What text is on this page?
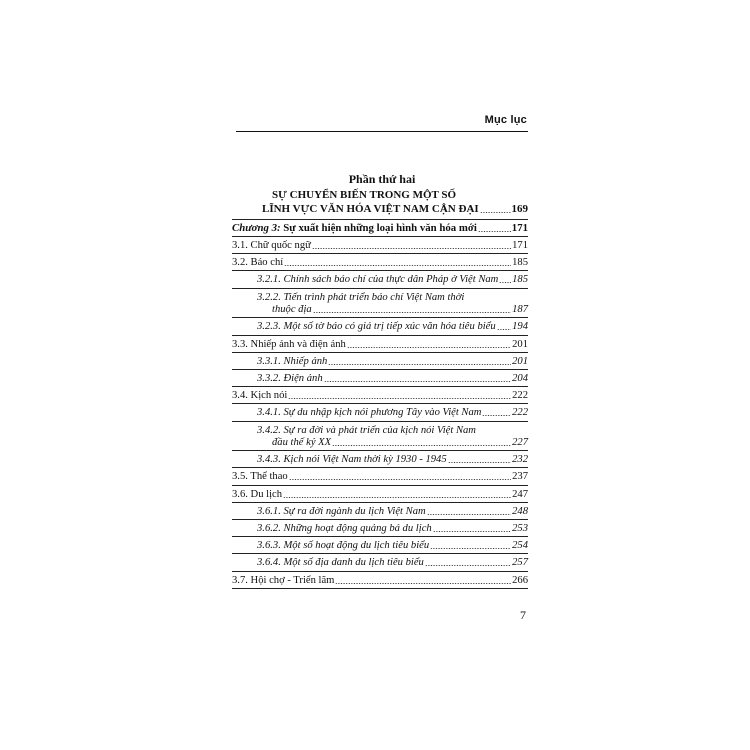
Mục lục
Phần thứ hai
SỰ CHUYỂN BIẾN TRONG MỘT SỐ
LĨNH VỰC VĂN HÓA VIỆT NAM CẬN ĐẠI	169
Chương 3: Sự xuất hiện những loại hình văn hóa mới	171
3.1. Chữ quốc ngữ	171
3.2. Báo chí	185
3.2.1. Chính sách báo chí của thực dân Pháp ở Việt Nam 185
3.2.2. Tiến trình phát triển báo chí Việt Nam thời
thuộc địa	187
3.2.3. Một số tờ báo có giá trị tiếp xúc văn hóa tiêu biểu 194
3.3. Nhiếp ảnh và điện ảnh	201
3.3.1. Nhiếp ảnh	201
3.3.2. Điện ảnh	204
3.4. Kịch nói	222
3.4.1. Sự du nhập kịch nói phương Tây vào Việt Nam	222
3.4.2. Sự ra đời và phát triển của kịch nói Việt Nam
đầu thế kỷ XX	227
3.4.3. Kịch nói Việt Nam thời kỳ 1930 - 1945	232
3.5. Thể thao	237
3.6. Du lịch	247
3.6.1. Sự ra đời ngành du lịch Việt Nam	248
3.6.2. Những hoạt động quảng bá du lịch	253
3.6.3. Một số hoạt động du lịch tiêu biểu	254
3.6.4. Một số địa danh du lịch tiêu biểu	257
3.7. Hội chợ - Triển lãm	266
7
